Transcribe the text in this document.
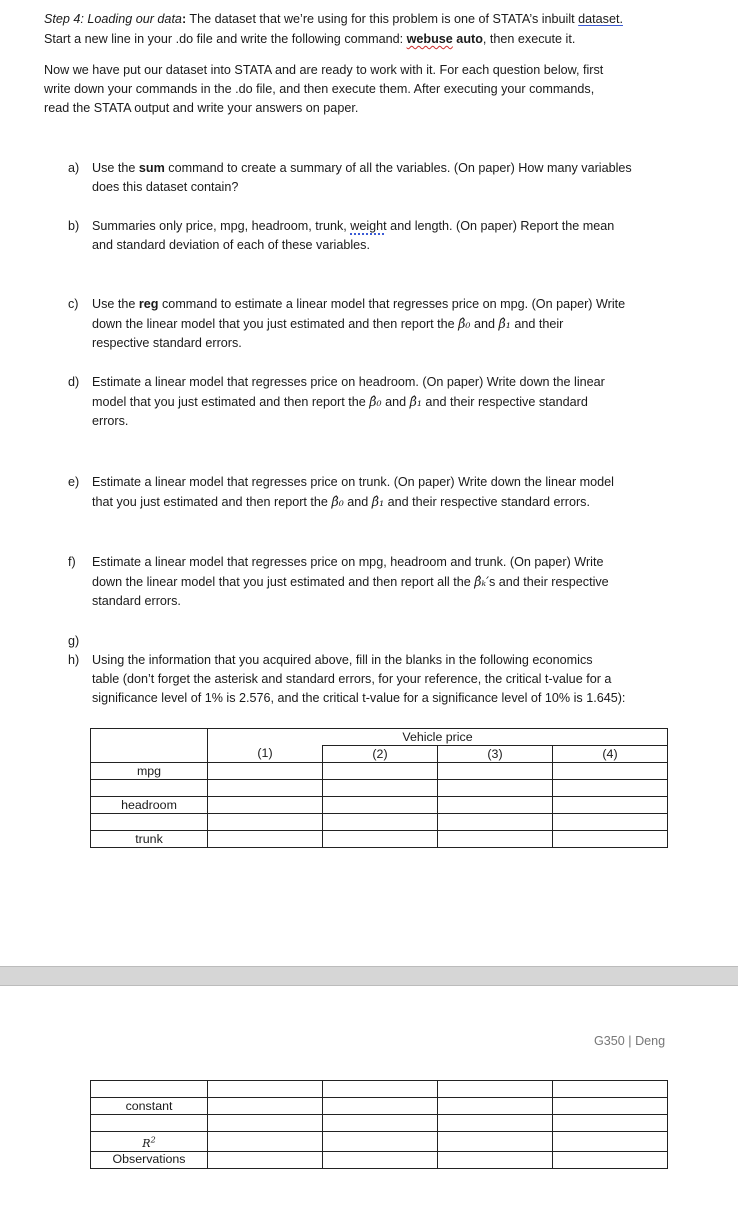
Step 4: Loading our data: The dataset that we’re using for this problem is one of STATA’s inbuilt dataset.
Start a new line in your .do file and write the following command: webuse auto, then execute it.
Now we have put our dataset into STATA and are ready to work with it. For each question below, first
write down your commands in the .do file, and then execute them. After executing your commands,
read the STATA output and write your answers on paper.
a) Use the sum command to create a summary of all the variables. (On paper) How many variables
does this dataset contain?
b) Summaries only price, mpg, headroom, trunk, weight and length. (On paper) Report the mean
and standard deviation of each of these variables.
c) Use the reg command to estimate a linear model that regresses price on mpg. (On paper) Write
down the linear model that you just estimated and then report the β̂₀ and β̂₁ and their
respective standard errors.
d) Estimate a linear model that regresses price on headroom. (On paper) Write down the linear
model that you just estimated and then report the β̂₀ and β̂₁ and their respective standard
errors.
e) Estimate a linear model that regresses price on trunk. (On paper) Write down the linear model
that you just estimated and then report the β̂₀ and β̂₁ and their respective standard errors.
f) Estimate a linear model that regresses price on mpg, headroom and trunk. (On paper) Write
down the linear model that you just estimated and then report all the β̂ₖ′s and their respective
standard errors.
g)
h) Using the information that you acquired above, fill in the blanks in the following economics
table (don’t forget the asterisk and standard errors, for your reference, the critical t-value for a
significance level of 1% is 2.576, and the critical t-value for a significance level of 10% is 1.645):
	Vehicle price			
	(1)	(2)	(3)	(4)
mpg				

headroom				

trunk				
G350 | Deng

constant				

$R^2$				
Observations				
